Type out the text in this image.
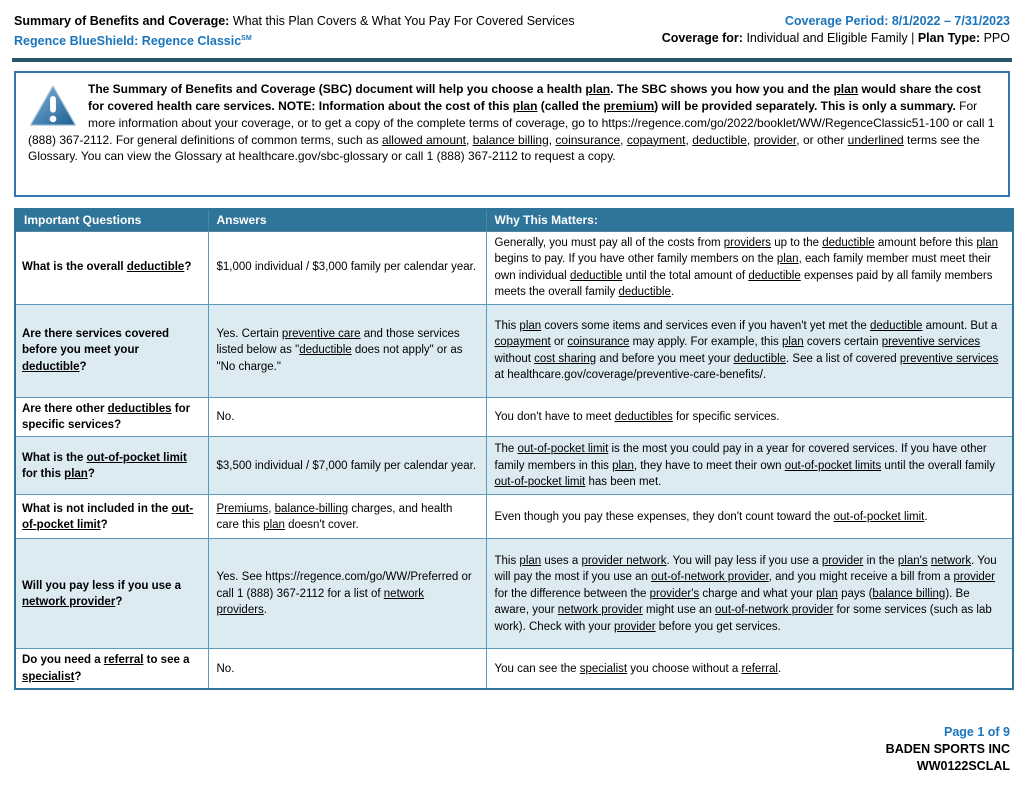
Summary of Benefits and Coverage: What this Plan Covers & What You Pay For Covered Services
Regence BlueShield: Regence Classic℠
Coverage Period: 8/1/2022 – 7/31/2023
Coverage for: Individual and Eligible Family | Plan Type: PPO
The Summary of Benefits and Coverage (SBC) document will help you choose a health plan. The SBC shows you how you and the plan would share the cost for covered health care services. NOTE: Information about the cost of this plan (called the premium) will be provided separately. This is only a summary. For more information about your coverage, or to get a copy of the complete terms of coverage, go to https://regence.com/go/2022/booklet/WW/RegenceClassic51-100 or call 1 (888) 367-2112. For general definitions of common terms, such as allowed amount, balance billing, coinsurance, copayment, deductible, provider, or other underlined terms see the Glossary. You can view the Glossary at healthcare.gov/sbc-glossary or call 1 (888) 367-2112 to request a copy.
Important Questions	Answers	Why This Matters:
What is the overall deductible?	$1,000 individual / $3,000 family per calendar year.	Generally, you must pay all of the costs from providers up to the deductible amount before this plan begins to pay. If you have other family members on the plan, each family member must meet their own individual deductible until the total amount of deductible expenses paid by all family members meets the overall family deductible.
Are there services covered before you meet your deductible?	Yes. Certain preventive care and those services listed below as "deductible does not apply" or as "No charge."	This plan covers some items and services even if you haven't yet met the deductible amount. But a copayment or coinsurance may apply. For example, this plan covers certain preventive services without cost sharing and before you meet your deductible. See a list of covered preventive services at healthcare.gov/coverage/preventive-care-benefits/.
Are there other deductibles for specific services?	No.	You don't have to meet deductibles for specific services.
What is the out-of-pocket limit for this plan?	$3,500 individual / $7,000 family per calendar year.	The out-of-pocket limit is the most you could pay in a year for covered services. If you have other family members in this plan, they have to meet their own out-of-pocket limits until the overall family out-of-pocket limit has been met.
What is not included in the out-of-pocket limit?	Premiums, balance-billing charges, and health care this plan doesn't cover.	Even though you pay these expenses, they don't count toward the out-of-pocket limit.
Will you pay less if you use a network provider?	Yes. See https://regence.com/go/WW/Preferred or call 1 (888) 367-2112 for a list of network providers.	This plan uses a provider network. You will pay less if you use a provider in the plan's network. You will pay the most if you use an out-of-network provider, and you might receive a bill from a provider for the difference between the provider's charge and what your plan pays (balance billing). Be aware, your network provider might use an out-of-network provider for some services (such as lab work). Check with your provider before you get services.
Do you need a referral to see a specialist?	No.	You can see the specialist you choose without a referral.
Page 1 of 9
BADEN SPORTS INC
WW0122SCLAL
